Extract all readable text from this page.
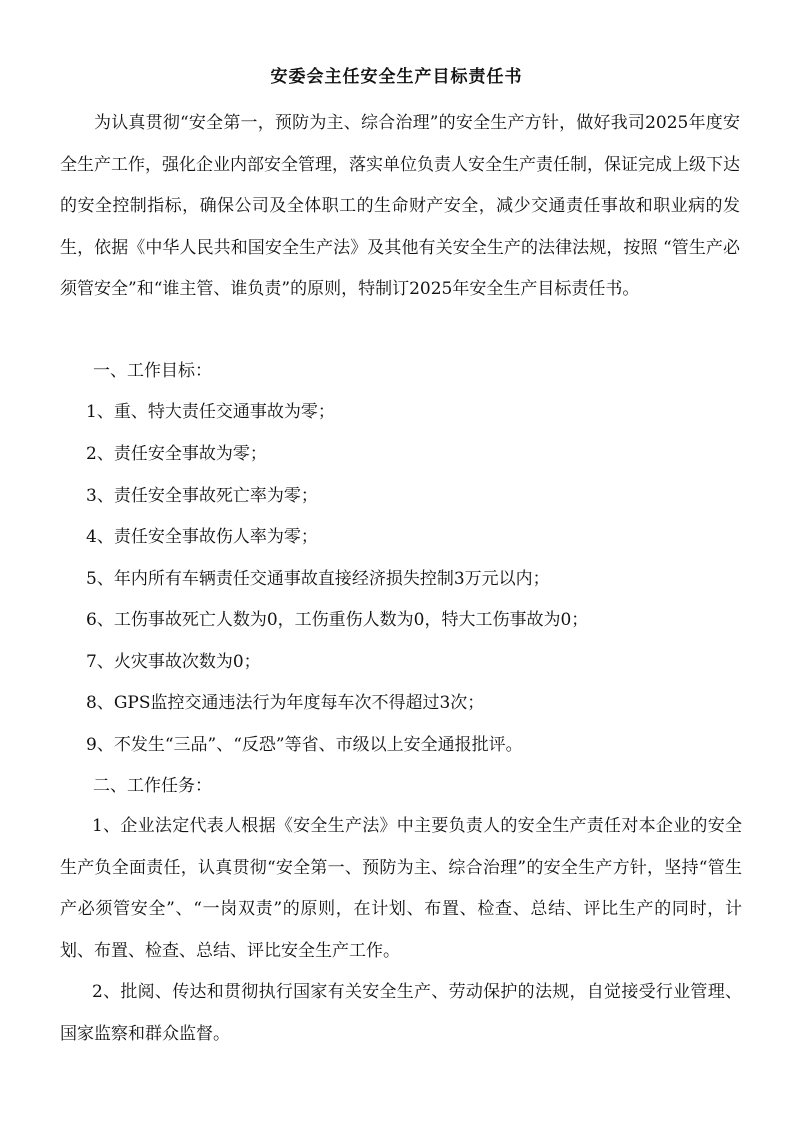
安委会主任安全生产目标责任书

为认真贯彻“安全第一，预防为主、综合治理”的安全生产方针，做好我司2025年度安全生产工作，强化企业内部安全管理，落实单位负责人安全生产责任制，保证完成上级下达的安全控制指标，确保公司及全体职工的生命财产安全，减少交通责任事故和职业病的发生，依据《中华人民共和国安全生产法》及其他有关安全生产的法律法规，按照 “管生产必须管安全”和“谁主管、谁负责”的原则，特制订2025年安全生产目标责任书。

一、工作目标：

1、重、特大责任交通事故为零；

2、责任安全事故为零；

3、责任安全事故死亡率为零；

4、责任安全事故伤人率为零；

5、年内所有车辆责任交通事故直接经济损失控制3万元以内；

6、工伤事故死亡人数为0，工伤重伤人数为0，特大工伤事故为0；

7、火灾事故次数为0；

8、GPS监控交通违法行为年度每车次不得超过3次；

9、不发生“三品”、“反恐”等省、市级以上安全通报批评。

二、工作任务：

1、企业法定代表人根据《安全生产法》中主要负责人的安全生产责任对本企业的安全生产负全面责任，认真贯彻“安全第一、预防为主、综合治理”的安全生产方针，坚持“管生产必须管安全”、“一岗双责”的原则，在计划、布置、检查、总结、评比生产的同时，计划、布置、检查、总结、评比安全生产工作。

2、批阅、传达和贯彻执行国家有关安全生产、劳动保护的法规，自觉接受行业管理、国家监察和群众监督。
